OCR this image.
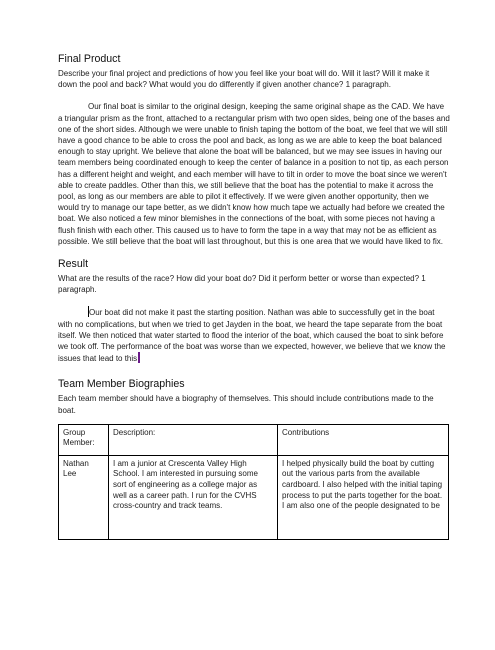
Final Product

Describe your final project and predictions of how you feel like your boat will do. Will it last? Will it make it down the pool and back? What would you do differently if given another chance? 1 paragraph.

Our final boat is similar to the original design, keeping the same original shape as the CAD. We have a triangular prism as the front, attached to a rectangular prism with two open sides, being one of the bases and one of the short sides. Although we were unable to finish taping the bottom of the boat, we feel that we will still have a good chance to be able to cross the pool and back, as long as we are able to keep the boat balanced enough to stay upright. We believe that alone the boat will be balanced, but we may see issues in having our team members being coordinated enough to keep the center of balance in a position to not tip, as each person has a different height and weight, and each member will have to tilt in order to move the boat since we weren't able to create paddles. Other than this, we still believe that the boat has the potential to make it across the pool, as long as our members are able to pilot it effectively. If we were given another opportunity, then we would try to manage our tape better, as we didn't know how much tape we actually had before we created the boat. We also noticed a few minor blemishes in the connections of the boat, with some pieces not having a flush finish with each other. This caused us to have to form the tape in a way that may not be as efficient as possible. We still believe that the boat will last throughout, but this is one area that we would have liked to fix.

Result

What are the results of the race? How did your boat do? Did it perform better or worse than expected? 1 paragraph.

Our boat did not make it past the starting position. Nathan was able to successfully get in the boat with no complications, but when we tried to get Jayden in the boat, we heard the tape separate from the boat itself. We then noticed that water started to flood the interior of the boat, which caused the boat to sink before we took off. The performance of the boat was worse than we expected, however, we believe that we know the issues that lead to this

Team Member Biographies

Each team member should have a biography of themselves. This should include contributions made to the boat.

Group Member:	Description:	Contributions
Nathan Lee	I am a junior at Crescenta Valley High School. I am interested in pursuing some sort of engineering as a college major as well as a career path. I run for the CVHS cross-country and track teams.	I helped physically build the boat by cutting out the various parts from the available cardboard. I also helped with the initial taping process to put the parts together for the boat. I am also one of the people designated to be
